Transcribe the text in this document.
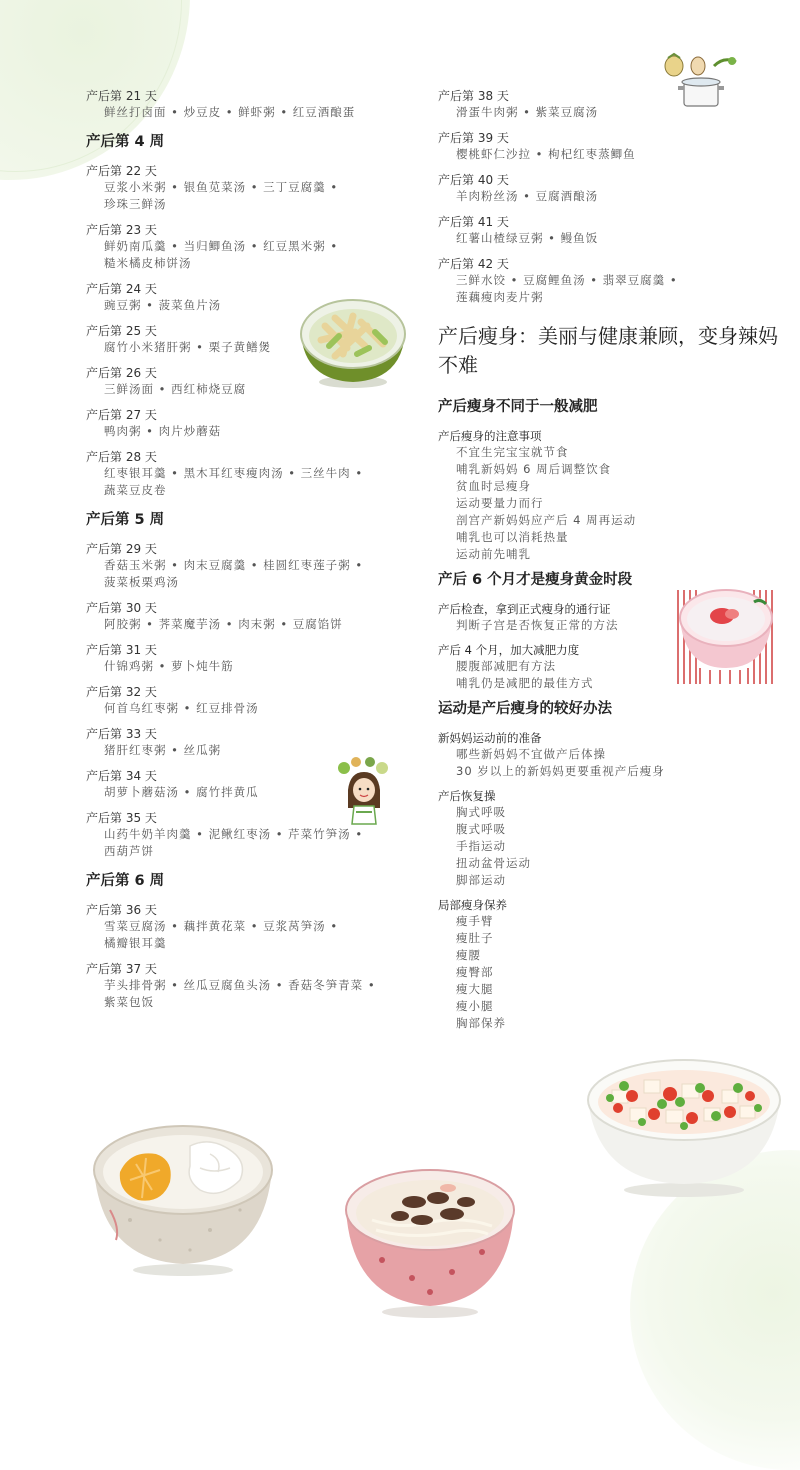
产后第 21 天
鲜丝打卤面 • 炒豆皮 • 鲜虾粥 • 红豆酒酿蛋
产后第 4 周
产后第 22 天
豆浆小米粥 • 银鱼苋菜汤 • 三丁豆腐羹 •
珍珠三鲜汤
产后第 23 天
鲜奶南瓜羹 • 当归鲫鱼汤 • 红豆黑米粥 •
糙米橘皮柿饼汤
产后第 24 天
豌豆粥 • 菠菜鱼片汤
产后第 25 天
腐竹小米猪肝粥 • 栗子黄鳝煲
产后第 26 天
三鲜汤面 • 西红柿烧豆腐
产后第 27 天
鸭肉粥 • 肉片炒蘑菇
产后第 28 天
红枣银耳羹 • 黑木耳红枣瘦肉汤 • 三丝牛肉 •
蔬菜豆皮卷
产后第 5 周
产后第 29 天
香菇玉米粥 • 肉末豆腐羹 • 桂圆红枣莲子粥 •
菠菜板栗鸡汤
产后第 30 天
阿胶粥 • 荠菜魔芋汤 • 肉末粥 • 豆腐馅饼
产后第 31 天
什锦鸡粥 • 萝卜炖牛筋
产后第 32 天
何首乌红枣粥 • 红豆排骨汤
产后第 33 天
猪肝红枣粥 • 丝瓜粥
产后第 34 天
胡萝卜蘑菇汤 • 腐竹拌黄瓜
产后第 35 天
山药牛奶羊肉羹 • 泥鳅红枣汤 • 芹菜竹笋汤 •
西葫芦饼
产后第 6 周
产后第 36 天
雪菜豆腐汤 • 藕拌黄花菜 • 豆浆莴笋汤 •
橘瓣银耳羹
产后第 37 天
芋头排骨粥 • 丝瓜豆腐鱼头汤 • 香菇冬笋青菜 •
紫菜包饭
产后第 38 天
滑蛋牛肉粥 • 紫菜豆腐汤
产后第 39 天
樱桃虾仁沙拉 • 枸杞红枣蒸鲫鱼
产后第 40 天
羊肉粉丝汤 • 豆腐酒酿汤
产后第 41 天
红薯山楂绿豆粥 • 鳗鱼饭
产后第 42 天
三鲜水饺 • 豆腐鲤鱼汤 • 翡翠豆腐羹 •
莲藕瘦肉麦片粥
产后瘦身：美丽与健康兼顾，变身辣妈不难
产后瘦身不同于一般减肥
产后瘦身的注意事项
不宜生完宝宝就节食
哺乳新妈妈 6 周后调整饮食
贫血时忌瘦身
运动要量力而行
剖宫产新妈妈应产后 4 周再运动
哺乳也可以消耗热量
运动前先哺乳
产后 6 个月才是瘦身黄金时段
产后检查，拿到正式瘦身的通行证
判断子宫是否恢复正常的方法
产后 4 个月，加大减肥力度
腰腹部减肥有方法
哺乳仍是减肥的最佳方式
运动是产后瘦身的较好办法
新妈妈运动前的准备
哪些新妈妈不宜做产后体操
30 岁以上的新妈妈更要重视产后瘦身
产后恢复操
胸式呼吸
腹式呼吸
手指运动
扭动盆骨运动
脚部运动
局部瘦身保养
瘦手臂
瘦肚子
瘦腰
瘦臀部
瘦大腿
瘦小腿
胸部保养
